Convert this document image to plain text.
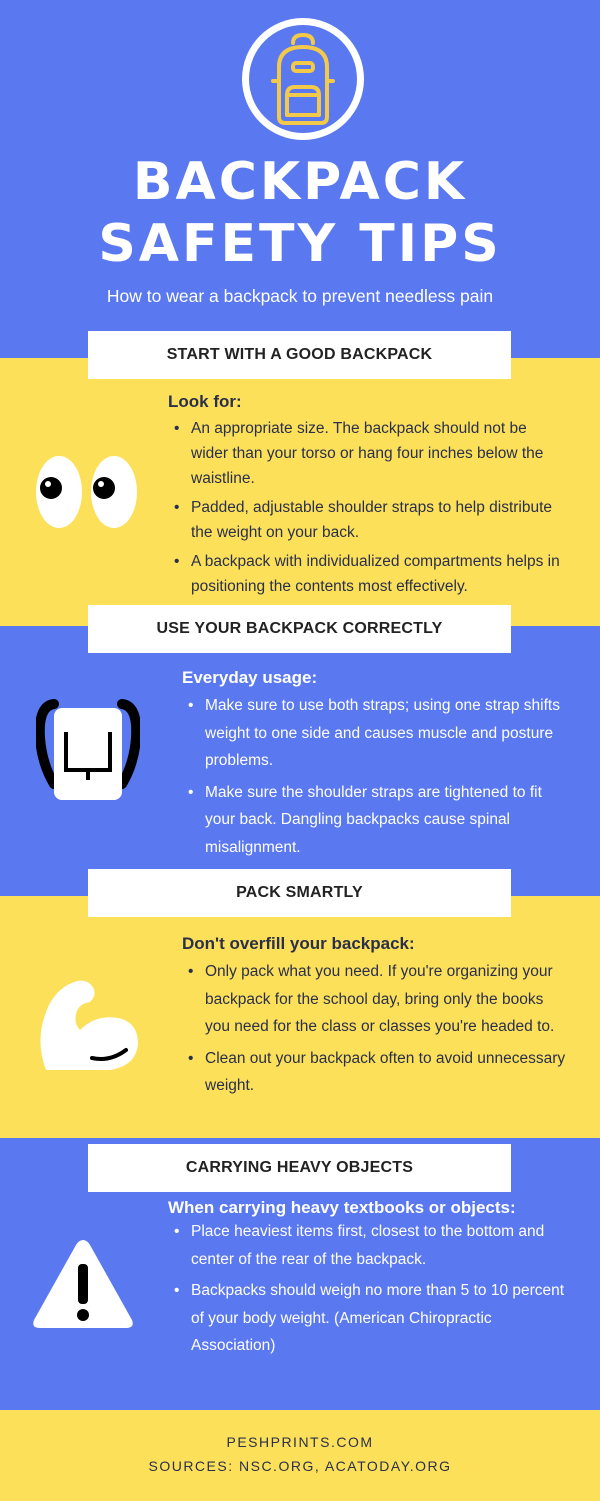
BACKPACK
SAFETY TIPS
How to wear a backpack to prevent needless pain
Look for:
• An appropriate size. The backpack should not be wider than your torso or hang four inches below the waistline.
• Padded, adjustable shoulder straps to help distribute the weight on your back.
• A backpack with individualized compartments helps in positioning the contents most effectively.
START WITH A GOOD BACKPACK
Everyday usage:
• Make sure to use both straps; using one strap shifts weight to one side and causes muscle and posture problems.
• Make sure the shoulder straps are tightened to fit your back. Dangling backpacks cause spinal misalignment.
USE YOUR BACKPACK CORRECTLY
Don't overfill your backpack:
• Only pack what you need. If you're organizing your backpack for the school day, bring only the books you need for the class or classes you're headed to.
• Clean out your backpack often to avoid unnecessary weight.
PACK SMARTLY
When carrying heavy textbooks or objects:
• Place heaviest items first, closest to the bottom and center of the rear of the backpack.
• Backpacks should weigh no more than 5 to 10 percent of your body weight. (American Chiropractic Association)
CARRYING HEAVY OBJECTS
PESHPRINTS.COM
SOURCES: NSC.ORG, ACATODAY.ORG
